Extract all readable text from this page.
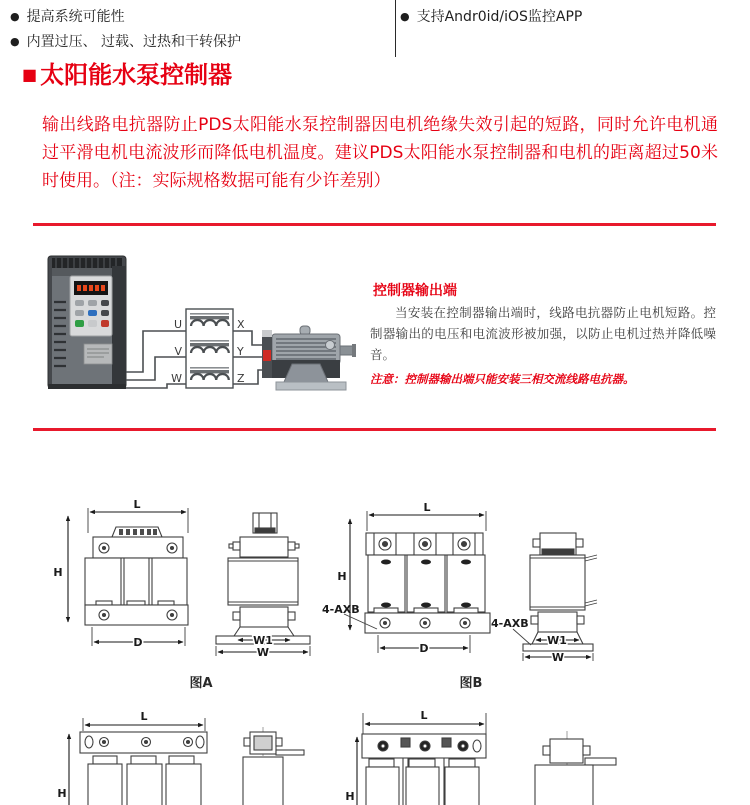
● 提高系统可能性
● 内置过压、 过载、过热和干转保护
● 支持Andr0id/iOS监控APP
■ 太阳能水泵控制器
输出线路电抗器防止PDS太阳能水泵控制器因电机绝缘失效引起的短路，同时允许电机通过平滑电机电流波形而降低电机温度。建议PDS太阳能水泵控制器和电机的距离超过50米时使用。（注：实际规格数据可能有少许差别）
U
V
W
X
Y
Z
控制器输出端
当安装在控制器输出端时，线路电抗器防止电机短路。控制器输出的电压和电流波形被加强，以防止电机过热并降低噪音。
注意：控制器输出端只能安装三相交流线路电抗器。
L
H
D	W1
W
图A
L
H
4-AXB
D
4-AXB
W1
W
图B
L
H
L
H
